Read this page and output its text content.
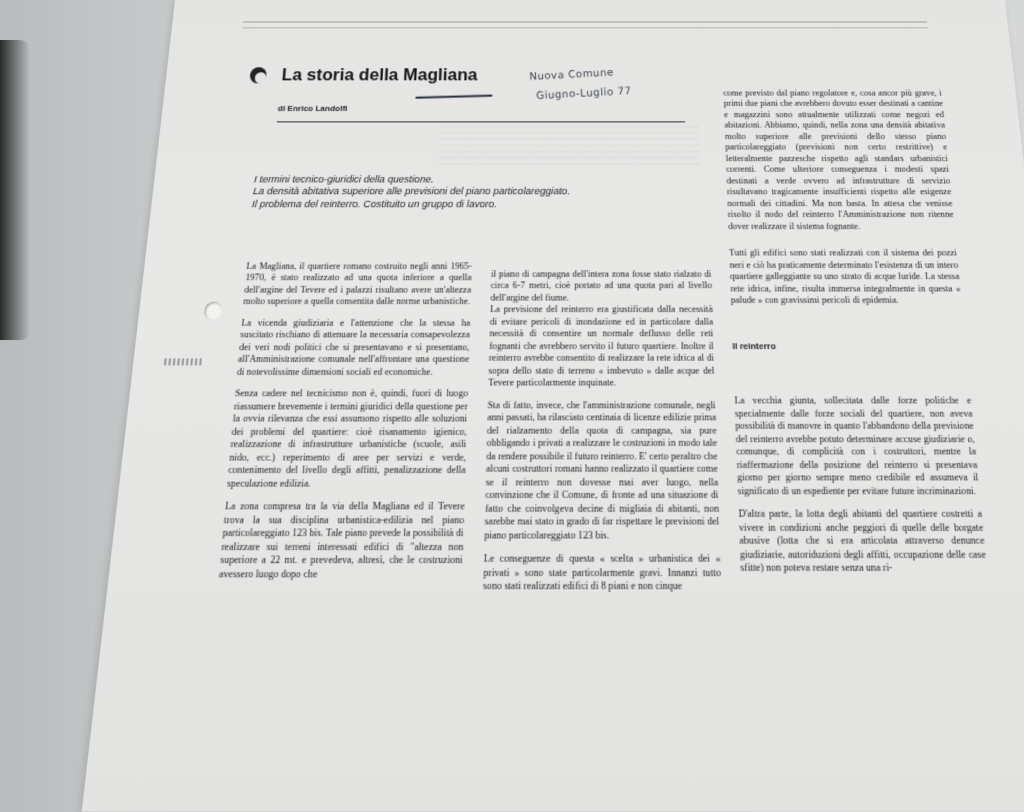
La storia della Magliana
di Enrico Landolfi
Nuova Comune
Giugno-Luglio 77

I termini tecnico-giuridici della questione.

La densità abitativa superiore alle previsioni del piano particolareggiato.

Il problema del reinterro. Costituito un gruppo di lavoro.

La Magliana, il quartiere romano costruito negli anni 1965-1970, è stato realizzato ad una quota inferiore a quella dell'argine del Tevere ed i palazzi risultano avere un'altezza molto superiore a quella consentita dalle norme urbanistiche.

La vicenda giudiziaria e l'attenzione che la stessa ha suscitato rischiano di attenuare la necessaria consapevolezza dei veri nodi politici che si presentavano e si presentano, all'Amministrazione comunale nell'affrontare una questione di notevolissime dimensioni sociali ed economiche.

Senza cadere nel tecnicismo non è, quindi, fuori di luogo riassumere brevemente i termini giuridici della questione per la ovvia rilevanza che essi assumono rispetto alle soluzioni dei problemi del quartiere: cioè risanamento igienico, realizzazione di infrastrutture urbanistiche (scuole, asili nido, ecc.) reperimento di aree per servizi e verde, contenimento del livello degli affitti, penalizzazione della speculazione edilizia.

La zona compresa tra la via della Magliana ed il Tevere trova la sua disciplina urbanistica-edilizia nel piano particolareggiato 123 bis. Tale piano prevede la possibilità di realizzare sui terreni interessati edifici di "altezza non superiore a 22 mt. e prevedeva, altresì, che le costruzioni avessero luogo dopo che

il piano di campagna dell'intera zona fosse stato rialzato di circa 6-7 metri, cioè portato ad una quota pari al livello dell'argine del fiume.

La previsione del reinterro era giustificata dalla necessità di evitare pericoli di inondazione ed in particolare dalla necessità di consentire un normale deflusso delle reti fognanti che avrebbero servito il futuro quartiere. Inoltre il reinterro avrebbe consentito di realizzare la rete idrica al di sopra dello stato di terreno « imbevuto » dalle acque del Tevere particolarmente inquinate.

Sta di fatto, invece, che l'amministrazione comunale, negli anni passati, ha rilasciato centinaia di licenze edilizie prima del rialzamento della quota di campagna, sia pure obbligando i privati a realizzare le costruzioni in modo tale da rendere possibile il futuro reinterro. E' certo peraltro che alcuni costruttori romani hanno realizzato il quartiere come se il reinterro non dovesse mai aver luogo, nella convinzione che il Comune, di fronte ad una situazione di fatto che coinvolgeva decine di migliaia di abitanti, non sarebbe mai stato in grado di far rispettare le previsioni del piano particolareggiato 123 bis.

Le conseguenze di questa « scelta » urbanistica dei « privati » sono state particolarmente gravi. Innanzi tutto sono stati realizzati edifici di 8 piani e non cinque

come previsto dal piano regolatore e, cosa ancor più grave, i primi due piani che avrebbero dovuto esser destinati a cantine e magazzini sono attualmente utilizzati come negozi ed abitazioni. Abbiamo, quindi, nella zona una densità abitativa molto superiore alle previsioni dello stesso piano particolareggiato (previsioni non certo restrittive) e letteralmente pazzesche rispetto agli standars urbanistici correnti. Come ulteriore conseguenza i modesti spazi destinati a verde ovvero ad infrastrutture di servizio risultavano tragicamente insufficienti rispetto alle esigenze normali dei cittadini. Ma non basta. In attesa che venisse risolto il nodo del reinterro l'Amministrazione non ritenne dover realizzare il sistema fognante.

Tutti gli edifici sono stati realizzati con il sistema dei pozzi neri e ciò ha praticamente determinato l'esistenza di un intero quartiere galleggiante su uno strato di acque luride. La stessa rete idrica, infine, risulta immersa integralmente in questa « palude » con gravissimi pericoli di epidemia.

Il reinterro

La vecchia giunta, sollecitata dalle forze politiche e specialmente dalle forze sociali del quartiere, non aveva possibilità di manovre in quanto l'abbandono della previsione del reinterro avrebbe potuto determinare accuse giudiziarie o, comunque, di complicità con i costruttori, mentre la riaffermazione della posizione del reinterro si presentava giorno per giorno sempre meno credibile ed assumeva il significato di un espediente per evitare future incriminazioni.

D'altra parte, la lotta degli abitanti del quartiere costretti a vivere in condizioni anche peggiori di quelle delle borgate abusive (lotta che si era articolata attraverso denunce giudiziarie, autoriduzioni degli affitti, occupazione delle case sfitte) non poteva restare senza una ri-
